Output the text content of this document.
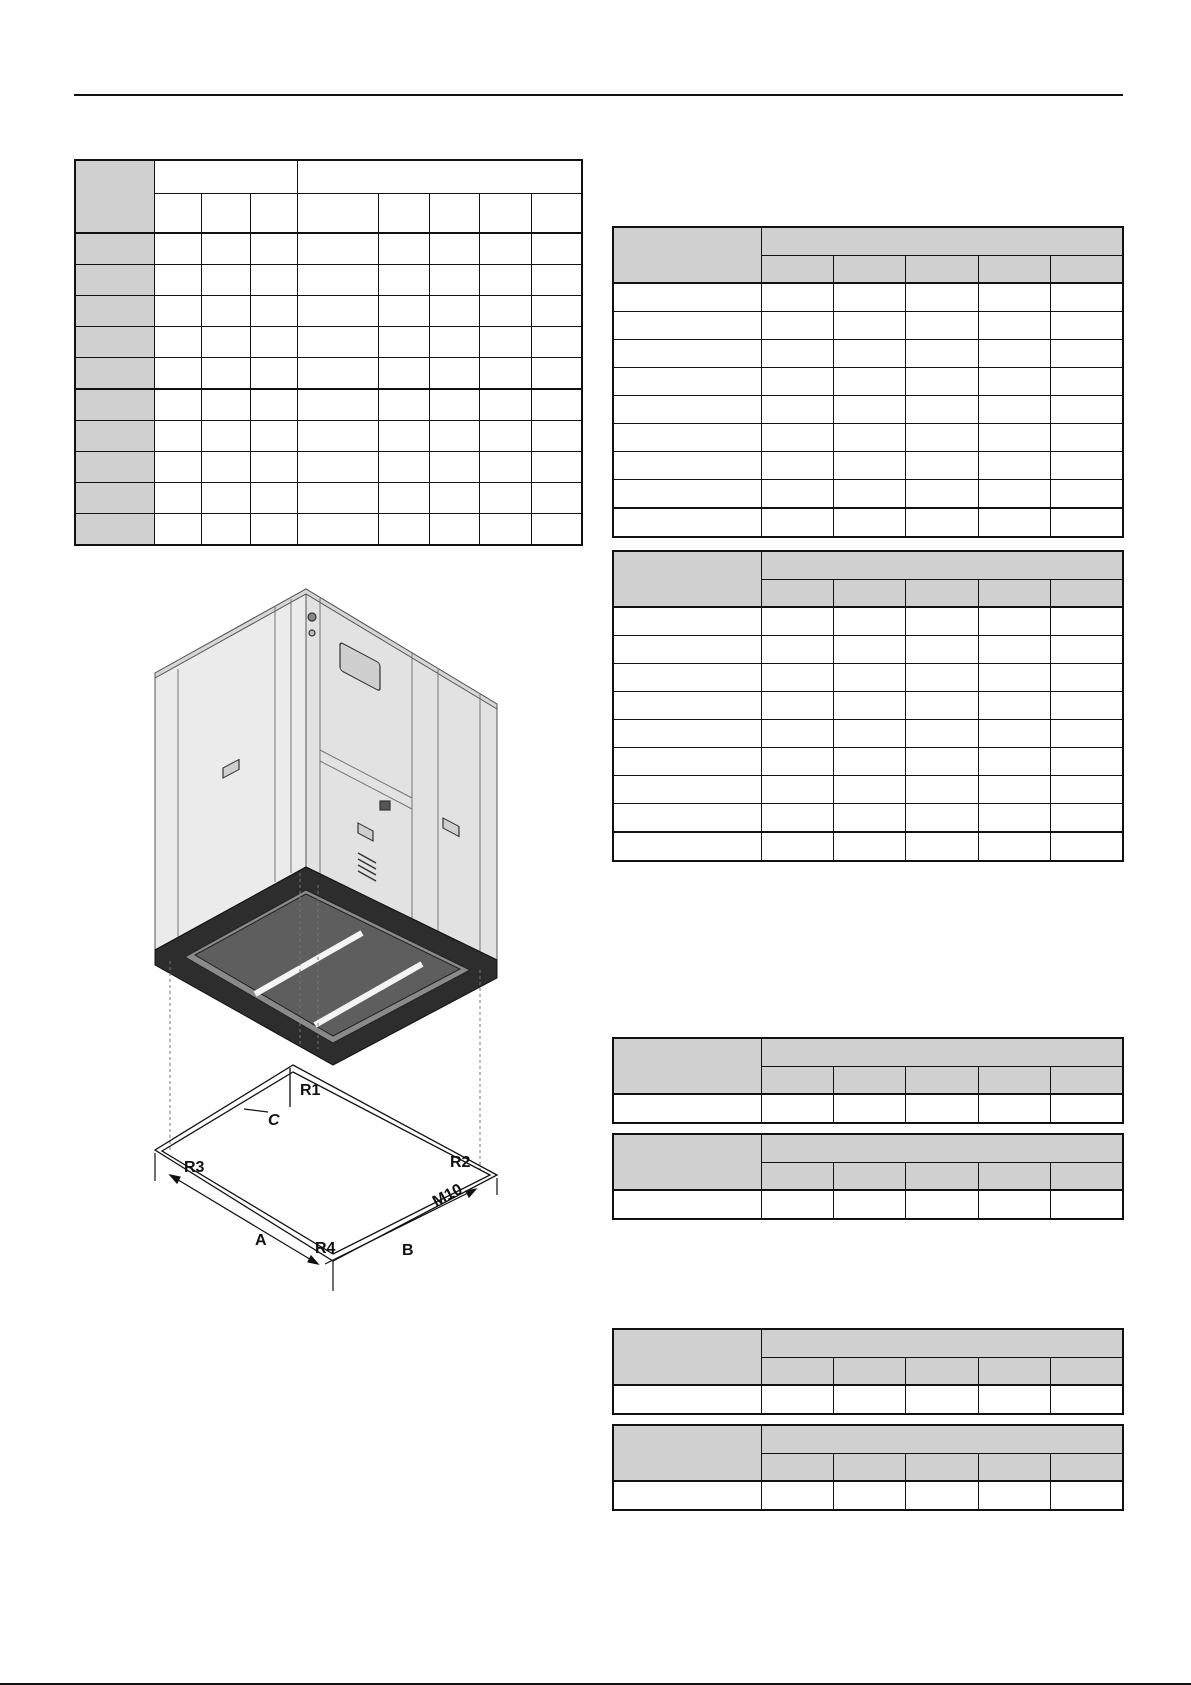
R1
R2
R3
R4
C
A
B
M10
